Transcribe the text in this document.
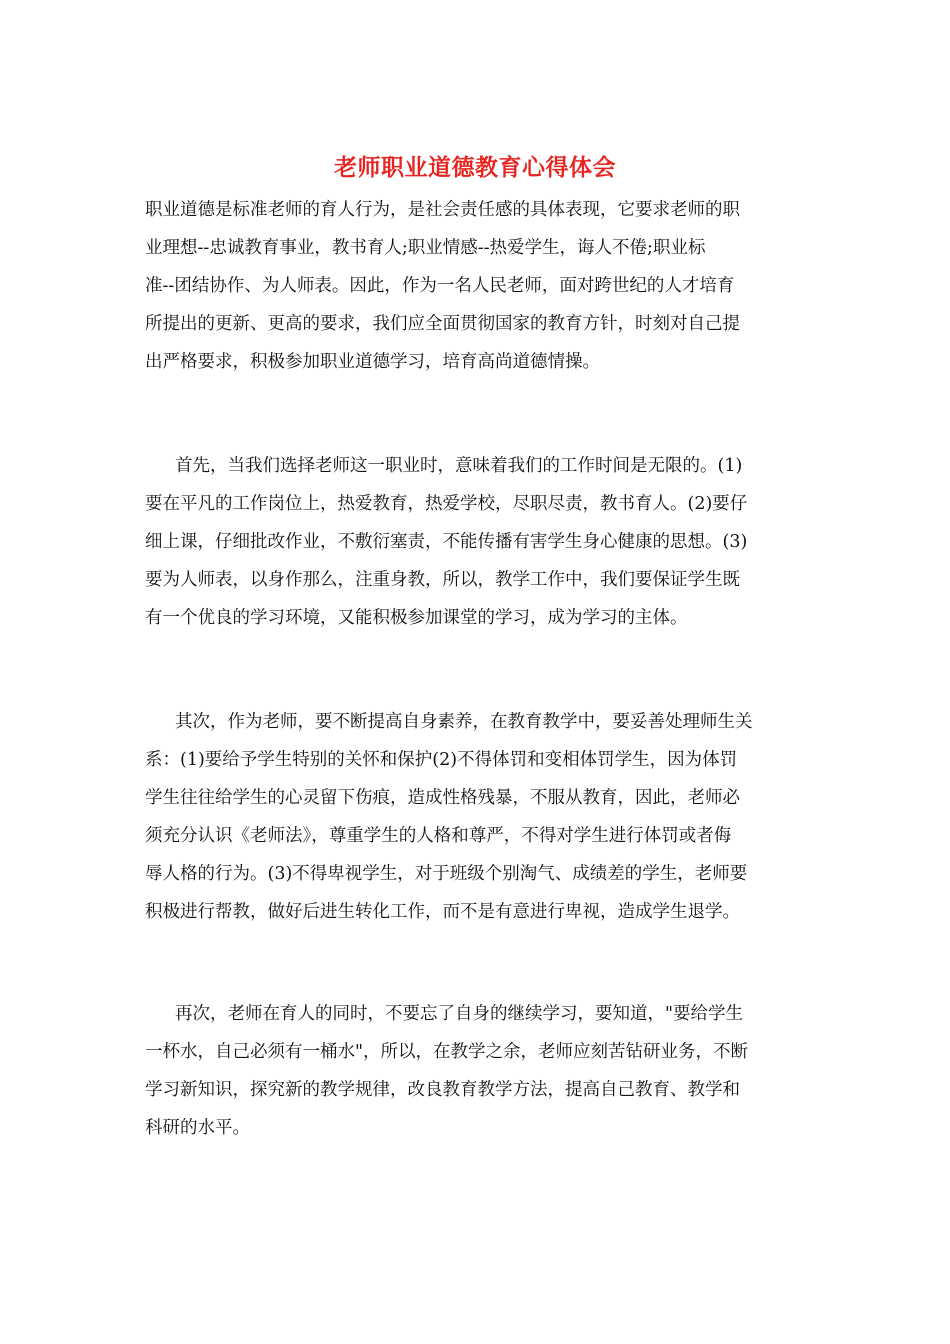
老师职业道德教育心得体会
职业道德是标准老师的育人行为，是社会责任感的具体表现，它要求老师的职
业理想--忠诚教育事业，教书育人;职业情感--热爱学生，诲人不倦;职业标
准--团结协作、为人师表。因此，作为一名人民老师，面对跨世纪的人才培育
所提出的更新、更高的要求，我们应全面贯彻国家的教育方针，时刻对自己提
出严格要求，积极参加职业道德学习，培育高尚道德情操。
首先，当我们选择老师这一职业时，意味着我们的工作时间是无限的。(1)
要在平凡的工作岗位上，热爱教育，热爱学校，尽职尽责，教书育人。(2)要仔
细上课，仔细批改作业，不敷衍塞责，不能传播有害学生身心健康的思想。(3)
要为人师表，以身作那么，注重身教，所以，教学工作中，我们要保证学生既
有一个优良的学习环境，又能积极参加课堂的学习，成为学习的主体。
其次，作为老师，要不断提高自身素养，在教育教学中，要妥善处理师生关
系：(1)要给予学生特别的关怀和保护(2)不得体罚和变相体罚学生，因为体罚
学生往往给学生的心灵留下伤痕，造成性格残暴，不服从教育，因此，老师必
须充分认识《老师法》，尊重学生的人格和尊严，不得对学生进行体罚或者侮
辱人格的行为。(3)不得卑视学生，对于班级个别淘气、成绩差的学生，老师要
积极进行帮教，做好后进生转化工作，而不是有意进行卑视，造成学生退学。
再次，老师在育人的同时，不要忘了自身的继续学习，要知道，"要给学生
一杯水，自己必须有一桶水"，所以，在教学之余，老师应刻苦钻研业务，不断
学习新知识，探究新的教学规律，改良教育教学方法，提高自己教育、教学和
科研的水平。
